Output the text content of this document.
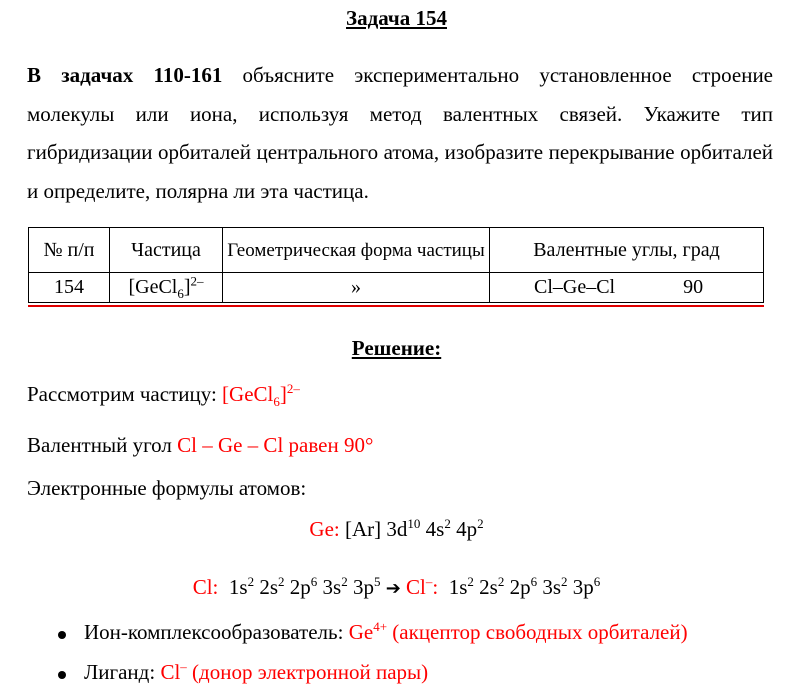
Задача 154
В задачах 110-161 объясните экспериментально установленное строение молекулы или иона, используя метод валентных связей. Укажите тип гибридизации орбиталей центрального атома, изобразите перекрывание орбиталей и определите, полярна ли эта частица.
№ п/п	Частица	Геометрическая форма частицы	Валентные углы, град
154	[GeCl$_6$]$^{2-}$	»	Cl–Ge–Cl 90
Решение:
Рассмотрим частицу: [GeCl$_6$]$^{2-}$
Валентный угол Cl – Ge – Cl равен 90°
Электронные формулы атомов:
Ge: [Ar] $3d^{10}$ $4s^2$ $4p^2$
Cl: $1s^2$ $2s^2$ $2p^6$ $3s^2$ $3p^5$ ➔ Cl–: $1s^2$ $2s^2$ $2p^6$ $3s^2$ $3p^6$
Ион-комплексообразователь: $Ge^{4+}$ (акцептор свободных орбиталей)
Лиганд: Cl– (донор электронной пары)
